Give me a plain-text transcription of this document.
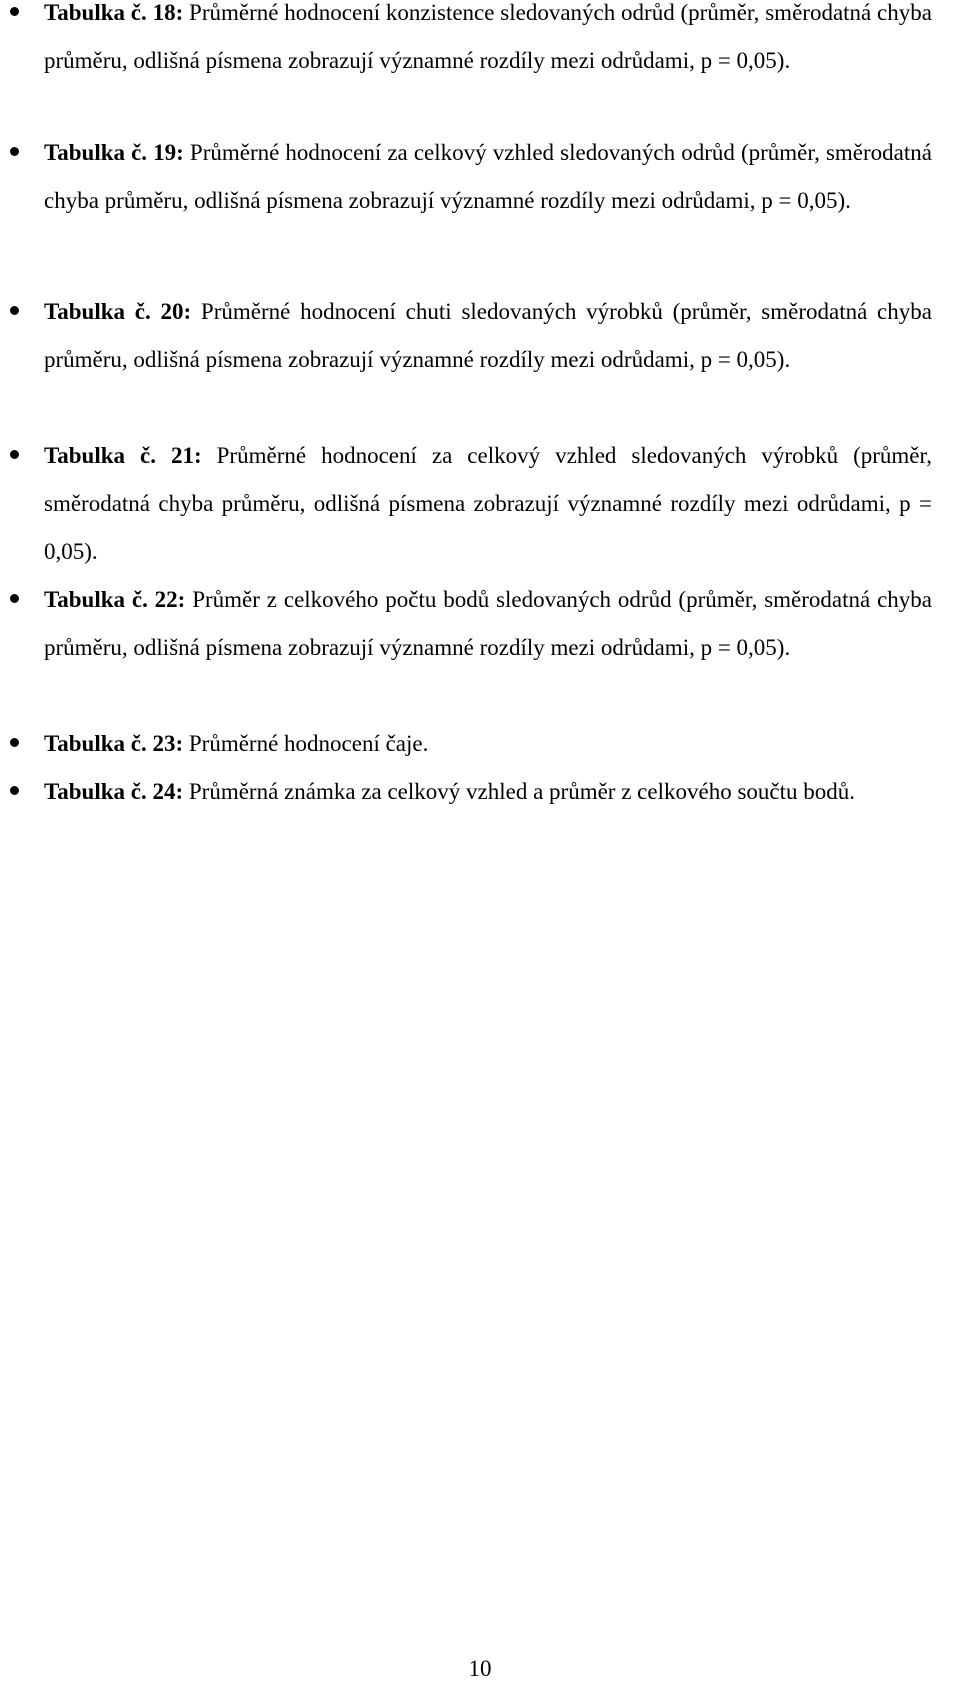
Tabulka č. 18: Průměrné hodnocení konzistence sledovaných odrůd (průměr, směrodatná chyba průměru, odlišná písmena zobrazují významné rozdíly mezi odrůdami, p = 0,05).
Tabulka č. 19: Průměrné hodnocení za celkový vzhled sledovaných odrůd (průměr, směrodatná chyba průměru, odlišná písmena zobrazují významné rozdíly mezi odrůdami, p = 0,05).
Tabulka č. 20: Průměrné hodnocení chuti sledovaných výrobků (průměr, směrodatná chyba průměru, odlišná písmena zobrazují významné rozdíly mezi odrůdami, p = 0,05).
Tabulka č. 21: Průměrné hodnocení za celkový vzhled sledovaných výrobků (průměr, směrodatná chyba průměru, odlišná písmena zobrazují významné rozdíly mezi odrůdami, p = 0,05).
Tabulka č. 22: Průměr z celkového počtu bodů sledovaných odrůd (průměr, směrodatná chyba průměru, odlišná písmena zobrazují významné rozdíly mezi odrůdami, p = 0,05).
Tabulka č. 23: Průměrné hodnocení čaje.
Tabulka č. 24: Průměrná známka za celkový vzhled a průměr z celkového součtu bodů.
10
